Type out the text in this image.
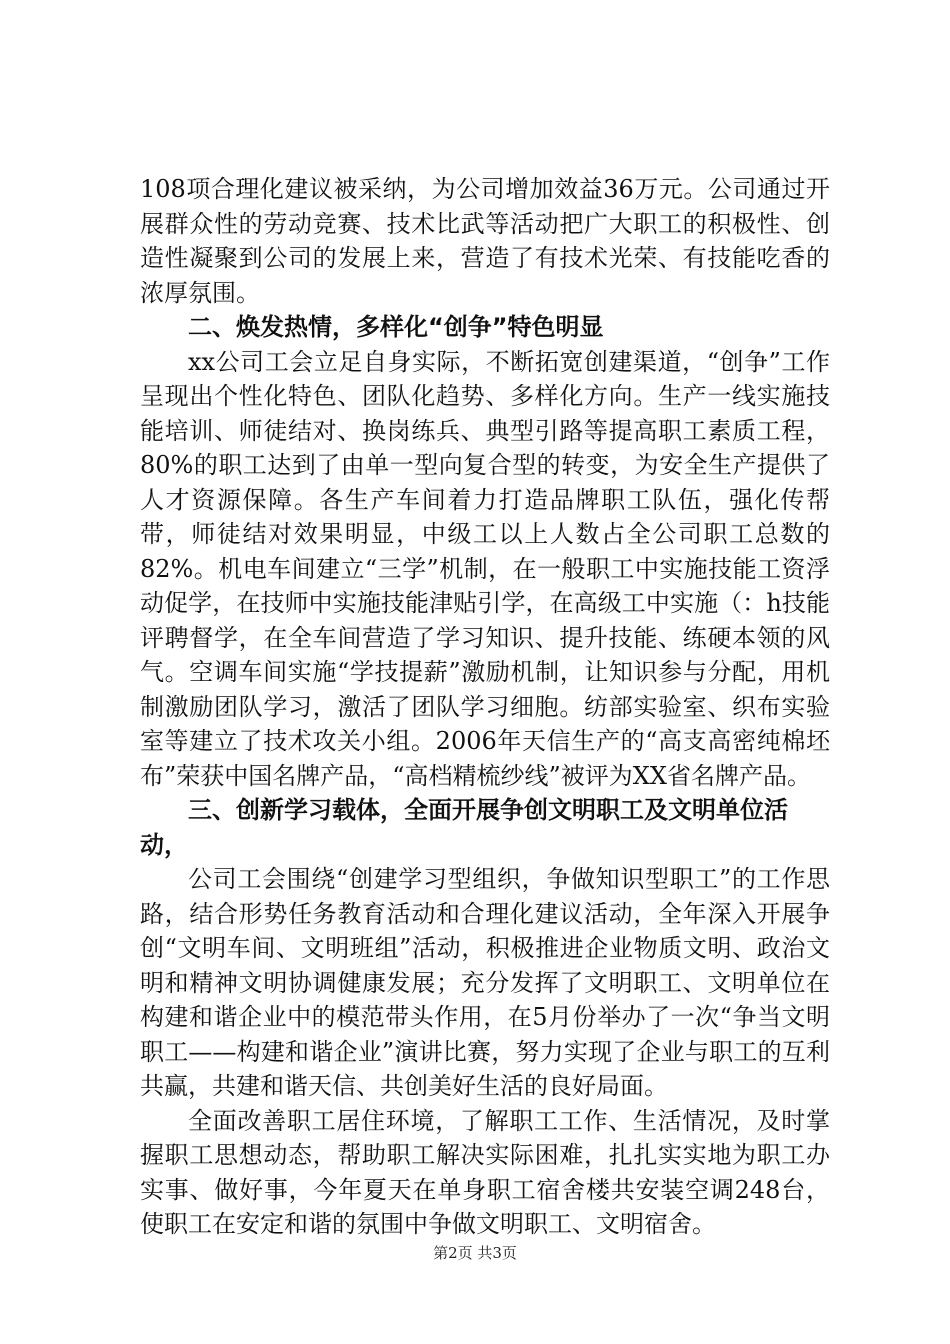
108项合理化建议被采纳，为公司增加效益36万元。公司通过开展群众性的劳动竞赛、技术比武等活动把广大职工的积极性、创造性凝聚到公司的发展上来，营造了有技术光荣、有技能吃香的浓厚氛围。

二、焕发热情，多样化“创争”特色明显

xx公司工会立足自身实际，不断拓宽创建渠道，“创争”工作呈现出个性化特色、团队化趋势、多样化方向。生产一线实施技能培训、师徒结对、换岗练兵、典型引路等提高职工素质工程，80%的职工达到了由单一型向复合型的转变，为安全生产提供了人才资源保障。各生产车间着力打造品牌职工队伍，强化传帮带，师徒结对效果明显，中级工以上人数占全公司职工总数的82%。机电车间建立“三学”机制，在一般职工中实施技能工资浮动促学，在技师中实施技能津贴引学，在高级工中实施（：h技能评聘督学，在全车间营造了学习知识、提升技能、练硬本领的风气。空调车间实施“学技提薪”激励机制，让知识参与分配，用机制激励团队学习，激活了团队学习细胞。纺部实验室、织布实验室等建立了技术攻关小组。2006年天信生产的“高支高密纯棉坯布”荣获中国名牌产品，“高档精梳纱线”被评为XX省名牌产品。

三、创新学习载体，全面开展争创文明职工及文明单位活动，

公司工会围绕“创建学习型组织，争做知识型职工”的工作思路，结合形势任务教育活动和合理化建议活动，全年深入开展争创“文明车间、文明班组”活动，积极推进企业物质文明、政治文明和精神文明协调健康发展；充分发挥了文明职工、文明单位在构建和谐企业中的模范带头作用，在5月份举办了一次“争当文明职工——构建和谐企业”演讲比赛，努力实现了企业与职工的互利共赢，共建和谐天信、共创美好生活的良好局面。

全面改善职工居住环境，了解职工工作、生活情况，及时掌握职工思想动态，帮助职工解决实际困难，扎扎实实地为职工办实事、做好事，今年夏天在单身职工宿舍楼共安装空调248台，使职工在安定和谐的氛围中争做文明职工、文明宿舍。

第2页 共3页
